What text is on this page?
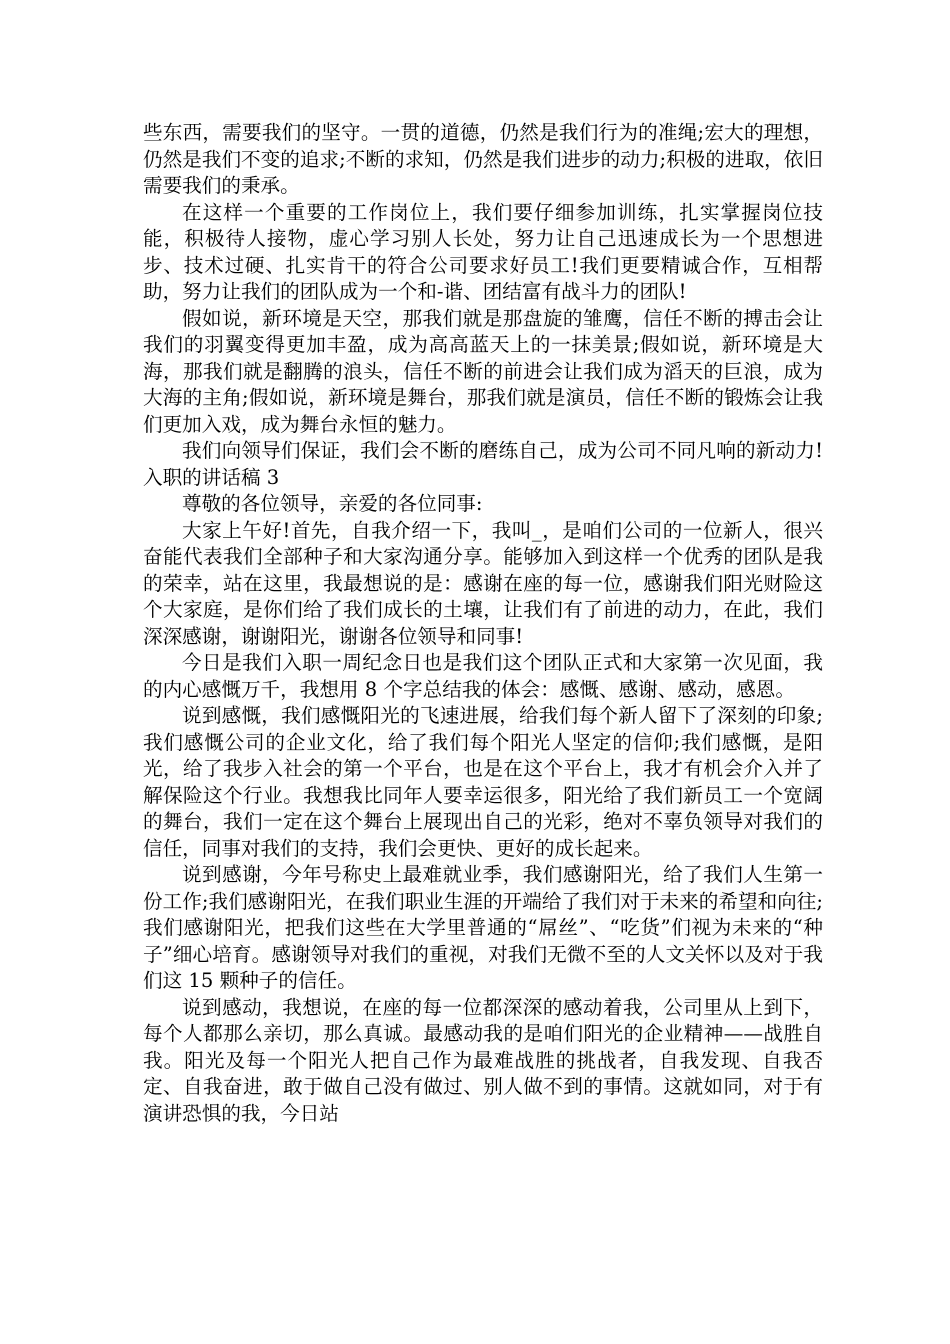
些东西，需要我们的坚守。一贯的道德，仍然是我们行为的准绳;宏大的理想，仍然是我们不变的追求;不断的求知，仍然是我们进步的动力;积极的进取，依旧需要我们的秉承。

在这样一个重要的工作岗位上，我们要仔细参加训练，扎实掌握岗位技能，积极待人接物，虚心学习别人长处，努力让自己迅速成长为一个思想进步、技术过硬、扎实肯干的符合公司要求好员工!我们更要精诚合作，互相帮助，努力让我们的团队成为一个和-谐、团结富有战斗力的团队!

假如说，新环境是天空，那我们就是那盘旋的雏鹰，信任不断的搏击会让我们的羽翼变得更加丰盈，成为高高蓝天上的一抹美景;假如说，新环境是大海，那我们就是翻腾的浪头，信任不断的前进会让我们成为滔天的巨浪，成为大海的主角;假如说，新环境是舞台，那我们就是演员，信任不断的锻炼会让我们更加入戏，成为舞台永恒的魅力。

我们向领导们保证，我们会不断的磨练自己，成为公司不同凡响的新动力!入职的讲话稿 3

尊敬的各位领导，亲爱的各位同事:

大家上午好!首先，自我介绍一下，我叫_，是咱们公司的一位新人，很兴奋能代表我们全部种子和大家沟通分享。能够加入到这样一个优秀的团队是我的荣幸，站在这里，我最想说的是：感谢在座的每一位，感谢我们阳光财险这个大家庭，是你们给了我们成长的土壤，让我们有了前进的动力，在此，我们深深感谢，谢谢阳光，谢谢各位领导和同事!

今日是我们入职一周纪念日也是我们这个团队正式和大家第一次见面，我的内心感慨万千，我想用 8 个字总结我的体会：感慨、感谢、感动，感恩。

说到感慨，我们感慨阳光的飞速进展，给我们每个新人留下了深刻的印象;我们感慨公司的企业文化，给了我们每个阳光人坚定的信仰;我们感慨，是阳光，给了我步入社会的第一个平台，也是在这个平台上，我才有机会介入并了解保险这个行业。我想我比同年人要幸运很多，阳光给了我们新员工一个宽阔的舞台，我们一定在这个舞台上展现出自己的光彩，绝对不辜负领导对我们的信任，同事对我们的支持，我们会更快、更好的成长起来。

说到感谢，今年号称史上最难就业季，我们感谢阳光，给了我们人生第一份工作;我们感谢阳光，在我们职业生涯的开端给了我们对于未来的希望和向往;我们感谢阳光，把我们这些在大学里普通的“屌丝”、“吃货”们视为未来的“种子”细心培育。感谢领导对我们的重视，对我们无微不至的人文关怀以及对于我们这 15 颗种子的信任。

说到感动，我想说，在座的每一位都深深的感动着我，公司里从上到下，每个人都那么亲切，那么真诚。最感动我的是咱们阳光的企业精神——战胜自我。阳光及每一个阳光人把自己作为最难战胜的挑战者，自我发现、自我否定、自我奋进，敢于做自己没有做过、别人做不到的事情。这就如同，对于有演讲恐惧的我，今日站
